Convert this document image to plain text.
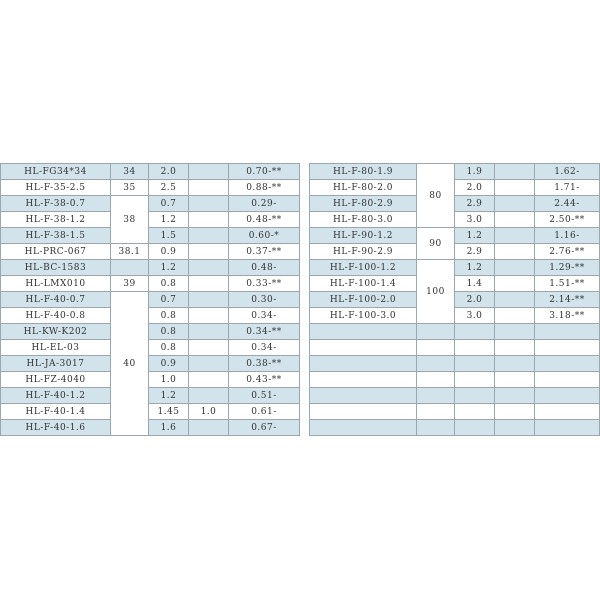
HL-FG34*34	34	2.0		0.70-**
HL-F-35-2.5	35	2.5		0.88-**
HL-F-38-0.7	38	0.7		0.29-
HL-F-38-1.2		1.2		0.48-**
HL-F-38-1.5		1.5		0.60-*
HL-PRC-067	38.1	0.9		0.37-**
HL-BC-1583		1.2		0.48-
HL-LMX010	39	0.8		0.33-**
HL-F-40-0.7	40	0.7		0.30-
HL-F-40-0.8		0.8		0.34-
HL-KW-K202		0.8		0.34-**
HL-EL-03		0.8		0.34-
HL-JA-3017		0.9		0.38-**
HL-FZ-4040		1.0		0.43-**
HL-F-40-1.2		1.2		0.51-
HL-F-40-1.4		1.45	1.0	0.61-
HL-F-40-1.6		1.6		0.67-
HL-F-80-1.9	80	1.9		1.62-
HL-F-80-2.0		2.0		1.71-
HL-F-80-2.9		2.9		2.44-
HL-F-80-3.0		3.0		2.50-**
HL-F-90-1.2	90	1.2		1.16-
HL-F-90-2.9		2.9		2.76-**
HL-F-100-1.2	100	1.2		1.29-**
HL-F-100-1.4		1.4		1.51-**
HL-F-100-2.0		2.0		2.14-**
HL-F-100-3.0		3.0		3.18-**
